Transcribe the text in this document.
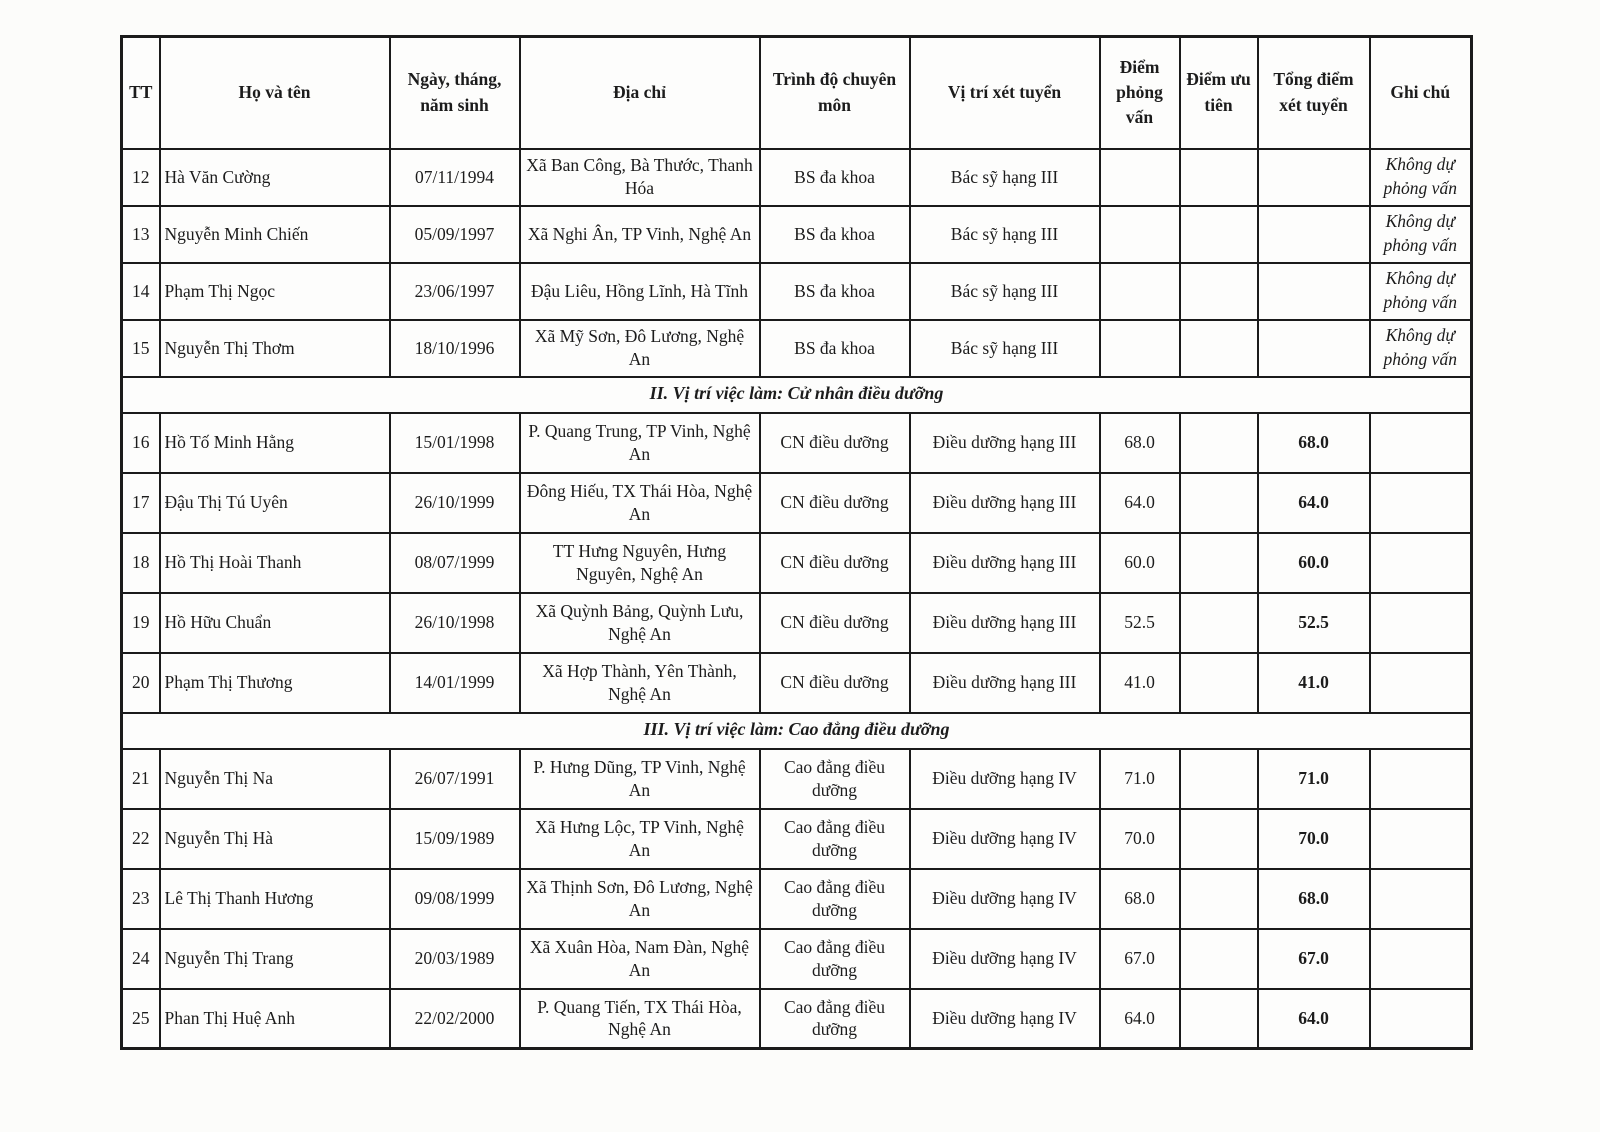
TT	Họ và tên	Ngày, tháng, năm sinh	Địa chỉ	Trình độ chuyên môn	Vị trí xét tuyển	Điểm phỏng vấn	Điểm ưu tiên	Tổng điểm xét tuyển	Ghi chú
12	Hà Văn Cường	07/11/1994	Xã Ban Công, Bà Thước, Thanh Hóa	BS đa khoa	Bác sỹ hạng III				Không dự phỏng vấn
13	Nguyễn Minh Chiến	05/09/1997	Xã Nghi Ân, TP Vinh, Nghệ An	BS đa khoa	Bác sỹ hạng III				Không dự phỏng vấn
14	Phạm Thị Ngọc	23/06/1997	Đậu Liêu, Hồng Lĩnh, Hà Tĩnh	BS đa khoa	Bác sỹ hạng III				Không dự phỏng vấn
15	Nguyễn Thị Thơm	18/10/1996	Xã Mỹ Sơn, Đô Lương, Nghệ An	BS đa khoa	Bác sỹ hạng III				Không dự phỏng vấn
II. Vị trí việc làm: Cử nhân điều dưỡng									
16	Hồ Tố Minh Hằng	15/01/1998	P. Quang Trung, TP Vinh, Nghệ An	CN điều dưỡng	Điều dưỡng hạng III	68.0		68.0	
17	Đậu Thị Tú Uyên	26/10/1999	Đông Hiếu, TX Thái Hòa, Nghệ An	CN điều dưỡng	Điều dưỡng hạng III	64.0		64.0	
18	Hồ Thị Hoài Thanh	08/07/1999	TT Hưng Nguyên, Hưng Nguyên, Nghệ An	CN điều dưỡng	Điều dưỡng hạng III	60.0		60.0	
19	Hồ Hữu Chuẩn	26/10/1998	Xã Quỳnh Bảng, Quỳnh Lưu, Nghệ An	CN điều dưỡng	Điều dưỡng hạng III	52.5		52.5	
20	Phạm Thị Thương	14/01/1999	Xã Hợp Thành, Yên Thành, Nghệ An	CN điều dưỡng	Điều dưỡng hạng III	41.0		41.0	
III. Vị trí việc làm: Cao đẳng điều dưỡng									
21	Nguyễn Thị Na	26/07/1991	P. Hưng Dũng, TP Vinh, Nghệ An	Cao đẳng điều dưỡng	Điều dưỡng hạng IV	71.0		71.0	
22	Nguyễn Thị Hà	15/09/1989	Xã Hưng Lộc, TP Vinh, Nghệ An	Cao đẳng điều dưỡng	Điều dưỡng hạng IV	70.0		70.0	
23	Lê Thị Thanh Hương	09/08/1999	Xã Thịnh Sơn, Đô Lương, Nghệ An	Cao đẳng điều dưỡng	Điều dưỡng hạng IV	68.0		68.0	
24	Nguyễn Thị Trang	20/03/1989	Xã Xuân Hòa, Nam Đàn, Nghệ An	Cao đẳng điều dưỡng	Điều dưỡng hạng IV	67.0		67.0	
25	Phan Thị Huệ Anh	22/02/2000	P. Quang Tiến, TX Thái Hòa, Nghệ An	Cao đẳng điều dưỡng	Điều dưỡng hạng IV	64.0		64.0	
